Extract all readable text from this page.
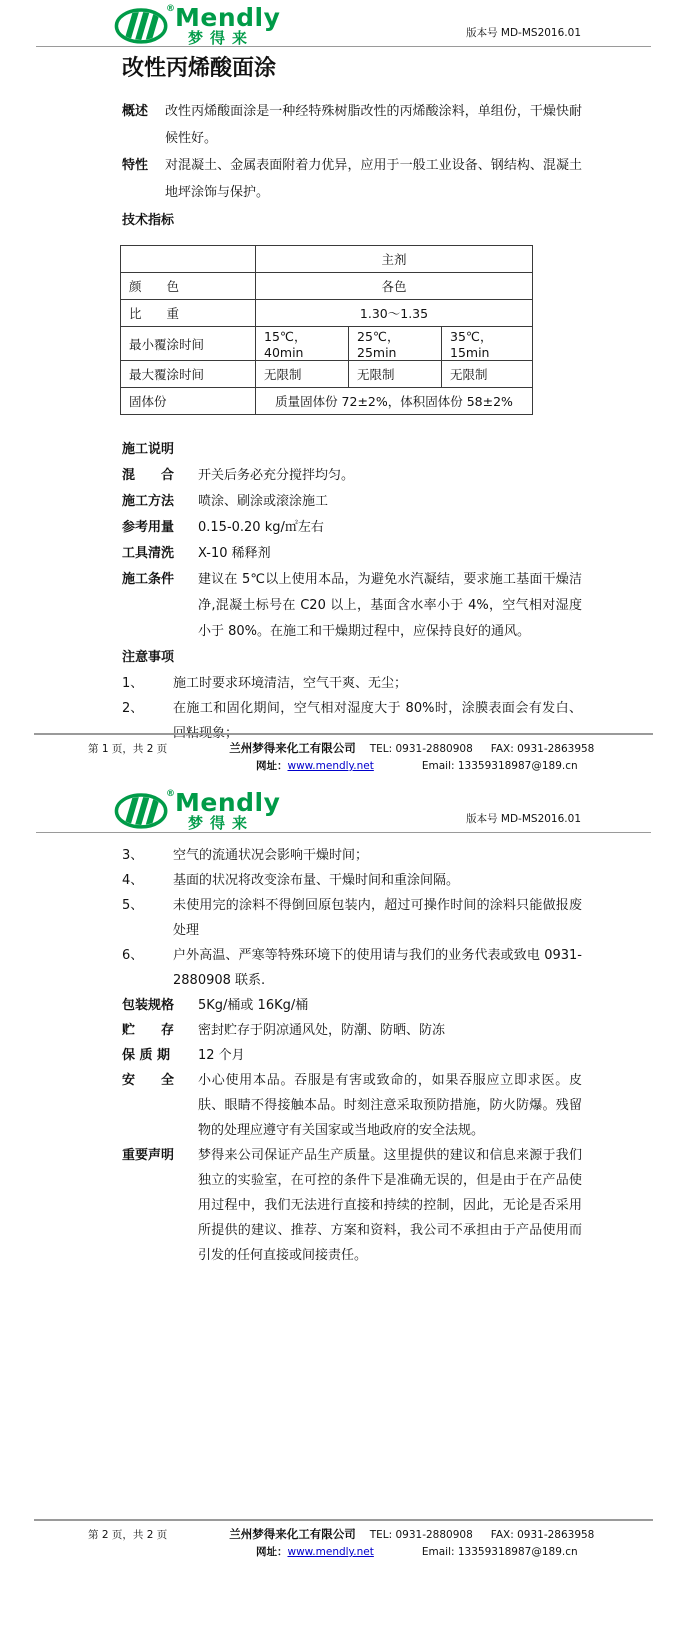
® Mendly
梦得来	版本号 MD-MS2016.01
改性丙烯酸面涂
概述	改性丙烯酸面涂是一种经特殊树脂改性的丙烯酸涂料，单组份，干燥快耐候性好。
特性	对混凝土、金属表面附着力优异，应用于一般工业设备、钢结构、混凝土地坪涂饰与保护。
技术指标
	主剂		
颜　　色	各色		
比　　重	1.30～1.35		
最小覆涂时间	15℃，40min	25℃，25min	35℃，15min
最大覆涂时间	无限制	无限制	无限制
固体份	质量固体份 72±2%，体积固体份 58±2%		
施工说明
混　　合	开关后务必充分搅拌均匀。
施工方法	喷涂、刷涂或滚涂施工
参考用量	0.15-0.20 kg/㎡左右
工具清洗	X-10 稀释剂
施工条件	建议在 5℃以上使用本品，为避免水汽凝结，要求施工基面干燥洁净,混凝土标号在 C20 以上，基面含水率小于 4%，空气相对湿度小于 80%。在施工和干燥期过程中，应保持良好的通风。
注意事项
1、	施工时要求环境清洁，空气干爽、无尘；
2、	在施工和固化期间，空气相对湿度大于 80%时，涂膜表面会有发白、回粘现象；
第 1 页，共 2 页	兰州梦得来化工有限公司 TEL: 0931-2880908 FAX: 0931-2863958
网址： www.mendly.net	Email: 13359318987@189.cn
® Mendly
梦得来	版本号 MD-MS2016.01
3、	空气的流通状况会影响干燥时间；
4、	基面的状况将改变涂布量、干燥时间和重涂间隔。
5、	未使用完的涂料不得倒回原包装内，超过可操作时间的涂料只能做报废处理
6、	户外高温、严寒等特殊环境下的使用请与我们的业务代表或致电 0931-2880908 联系.
包装规格	5Kg/桶或 16Kg/桶
贮　　存	密封贮存于阴凉通风处，防潮、防晒、防冻
保 质 期	12 个月
安　　全	小心使用本品。吞服是有害或致命的，如果吞服应立即求医。皮肤、眼睛不得接触本品。时刻注意采取预防措施，防火防爆。残留物的处理应遵守有关国家或当地政府的安全法规。
重要声明	梦得来公司保证产品生产质量。这里提供的建议和信息来源于我们独立的实验室，在可控的条件下是准确无误的，但是由于在产品使用过程中，我们无法进行直接和持续的控制，因此，无论是否采用所提供的建议、推荐、方案和资料，我公司不承担由于产品使用而引发的任何直接或间接责任。
第 2 页，共 2 页	兰州梦得来化工有限公司 TEL: 0931-2880908 FAX: 0931-2863958
网址： www.mendly.net	Email: 13359318987@189.cn
